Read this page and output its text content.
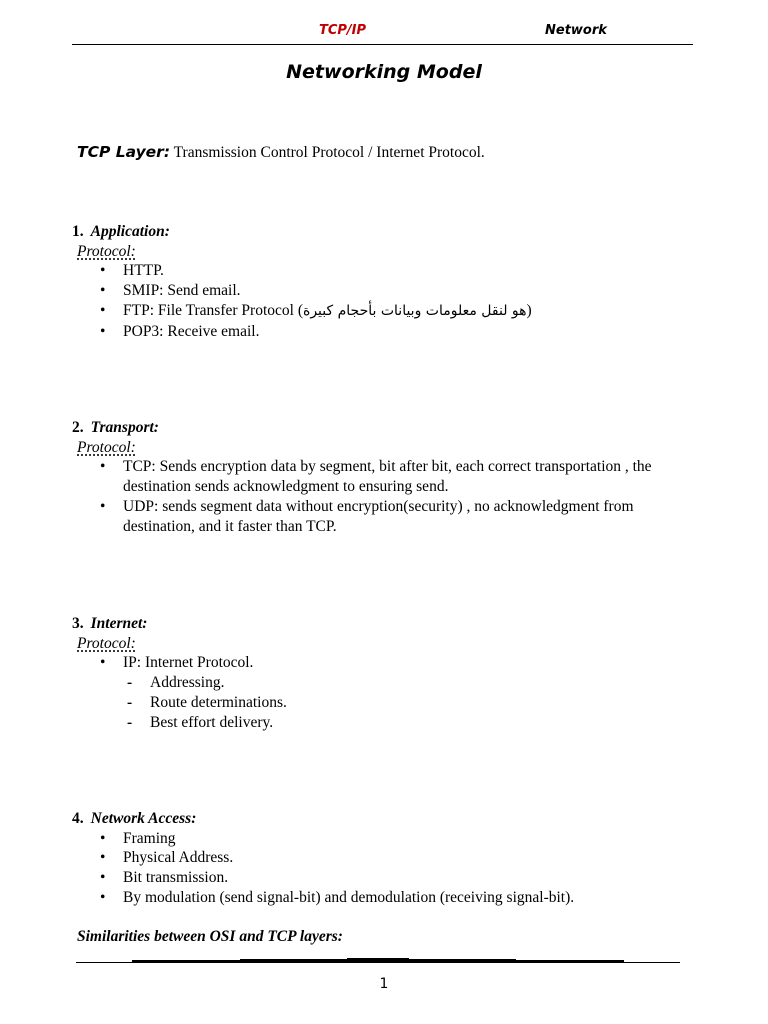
TCP/IP	Network
Networking Model
TCP Layer: Transmission Control Protocol / Internet Protocol.
1. Application:
Protocol:
• HTTP.
• SMIP: Send email.
• FTP: File Transfer Protocol (هو لنقل معلومات وبيانات بأحجام كبيرة)
• POP3: Receive email.
2. Transport:
Protocol:
• TCP: Sends encryption data by segment, bit after bit, each correct transportation , the destination sends acknowledgment to ensuring send.
• UDP: sends segment data without encryption(security) , no acknowledgment from destination, and it faster than TCP.
3. Internet:
Protocol:
• IP: Internet Protocol.
- Addressing.
- Route determinations.
- Best effort delivery.
4. Network Access:
• Framing
• Physical Address.
• Bit transmission.
• By modulation (send signal-bit) and demodulation (receiving signal-bit).
Similarities between OSI and TCP layers:
1
